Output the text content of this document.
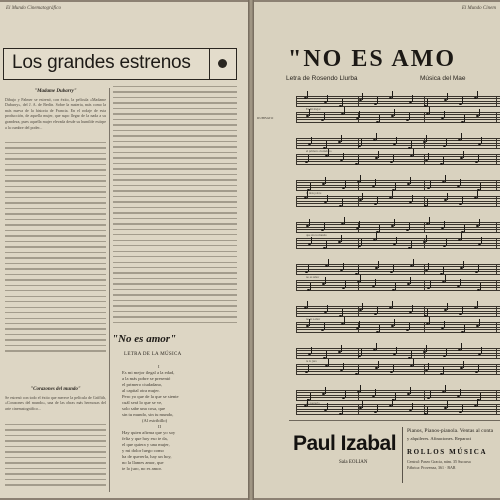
El Mundo Cinematográfico
Los grandes estrenos
"Madame Dubarry"
Dibujo y Palmer se estrenó, con éxito, la película «Madame Dubarry», del J. A. de Berlín. Sobre la materia, más como la más nueva de la historia de Francia. En el rodaje de esta producción, de aquella mujer, que supo llegar de la nada a su grandeza, pues aquella mujer elevada desde su humilde estirpe a la cumbre del poder...
"Corazones del mundo"
Se estrenó con todo el éxito que merece la película de Griffith, «Corazones del mundo», una de las obras más hermosas del arte cinematográfico...
"No es amor"
LETRA DE LA MÚSICA
I
Es mi mejor ilegal a la edad,
a la más pobre se presentó
el primero ciudadano,
al capital otra mujer.
Pero yo que de la que se siente
cuál será lo que se ve,
solo sabe una cosa, que
sin tu mundo, sin tu mundo,
(Al estribillo)
II
Hay quien afirma que yo soy
feliz y que hoy eso te da,
el que quiera y una mujer,
y mi dolor luego como
ha de quererla, hay un hoy,
no la llames amor, que
te lo juro, no es amor.
El Mundo Cinem
"NO ES AMO
Letra de Rosendo Llurba	Música del Mae
RUBBATO
Es mi mejor
el primero ciudadano
la más pobre
que sin tu mundo
no es amor
no es a-mor
te lo juro
de quererla
Paul Izabal
Sala EOLIAN
Pianos, Pianos-pianola. Ventas al conta
y alquileres. Afinaciones. Reparaci
ROLLOS MÚSICA
Central: Paseo Gracia, núm. 35 Sucursa
Fábrica: Provenza, 361 · BAR
